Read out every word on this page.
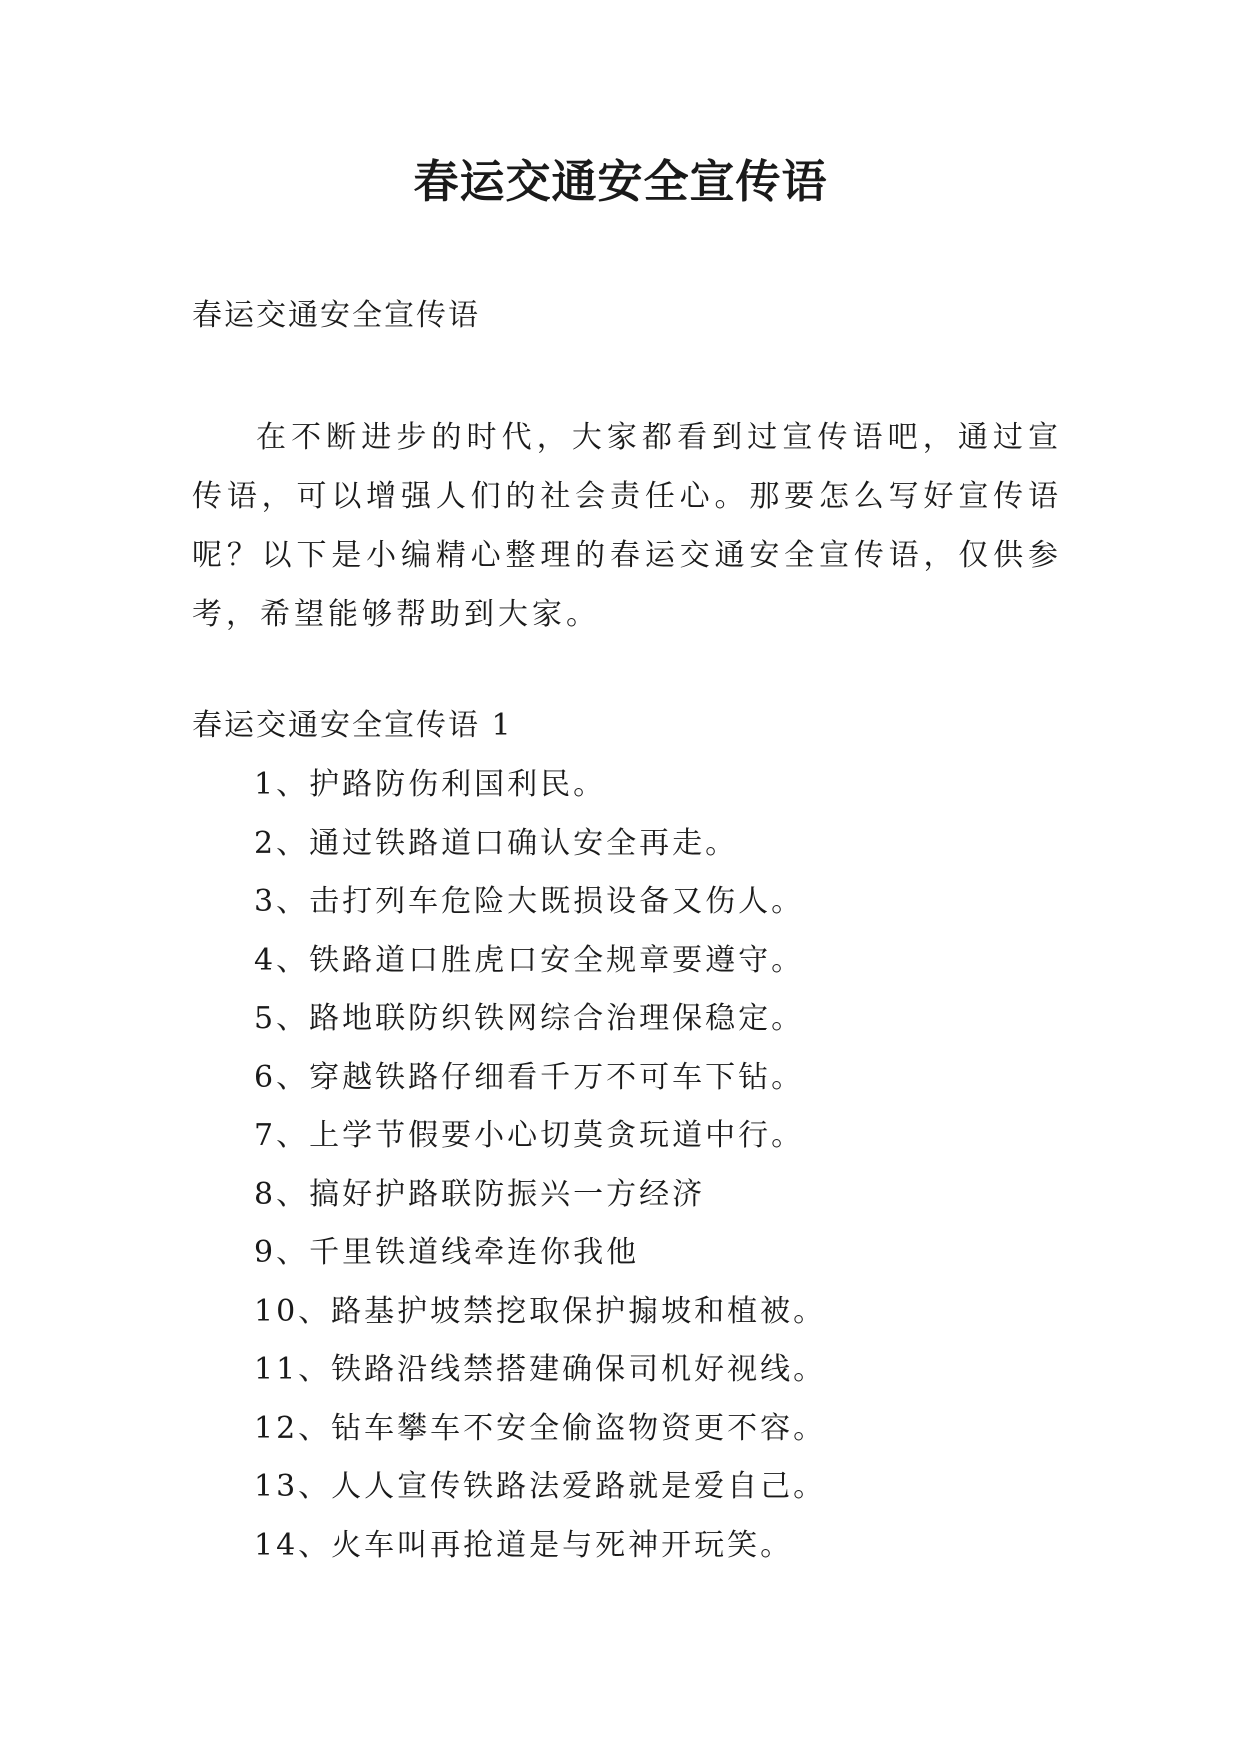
春运交通安全宣传语
春运交通安全宣传语
在不断进步的时代，大家都看到过宣传语吧，通过宣传语，可以增强人们的社会责任心。那要怎么写好宣传语呢？以下是小编精心整理的春运交通安全宣传语，仅供参考，希望能够帮助到大家。
春运交通安全宣传语 1
1、护路防伤利国利民。
2、通过铁路道口确认安全再走。
3、击打列车危险大既损设备又伤人。
4、铁路道口胜虎口安全规章要遵守。
5、路地联防织铁网综合治理保稳定。
6、穿越铁路仔细看千万不可车下钻。
7、上学节假要小心切莫贪玩道中行。
8、搞好护路联防振兴一方经济
9、千里铁道线牵连你我他
10、路基护坡禁挖取保护搧坡和植被。
11、铁路沿线禁搭建确保司机好视线。
12、钻车攀车不安全偷盗物资更不容。
13、人人宣传铁路法爱路就是爱自己。
14、火车叫再抢道是与死神开玩笑。
